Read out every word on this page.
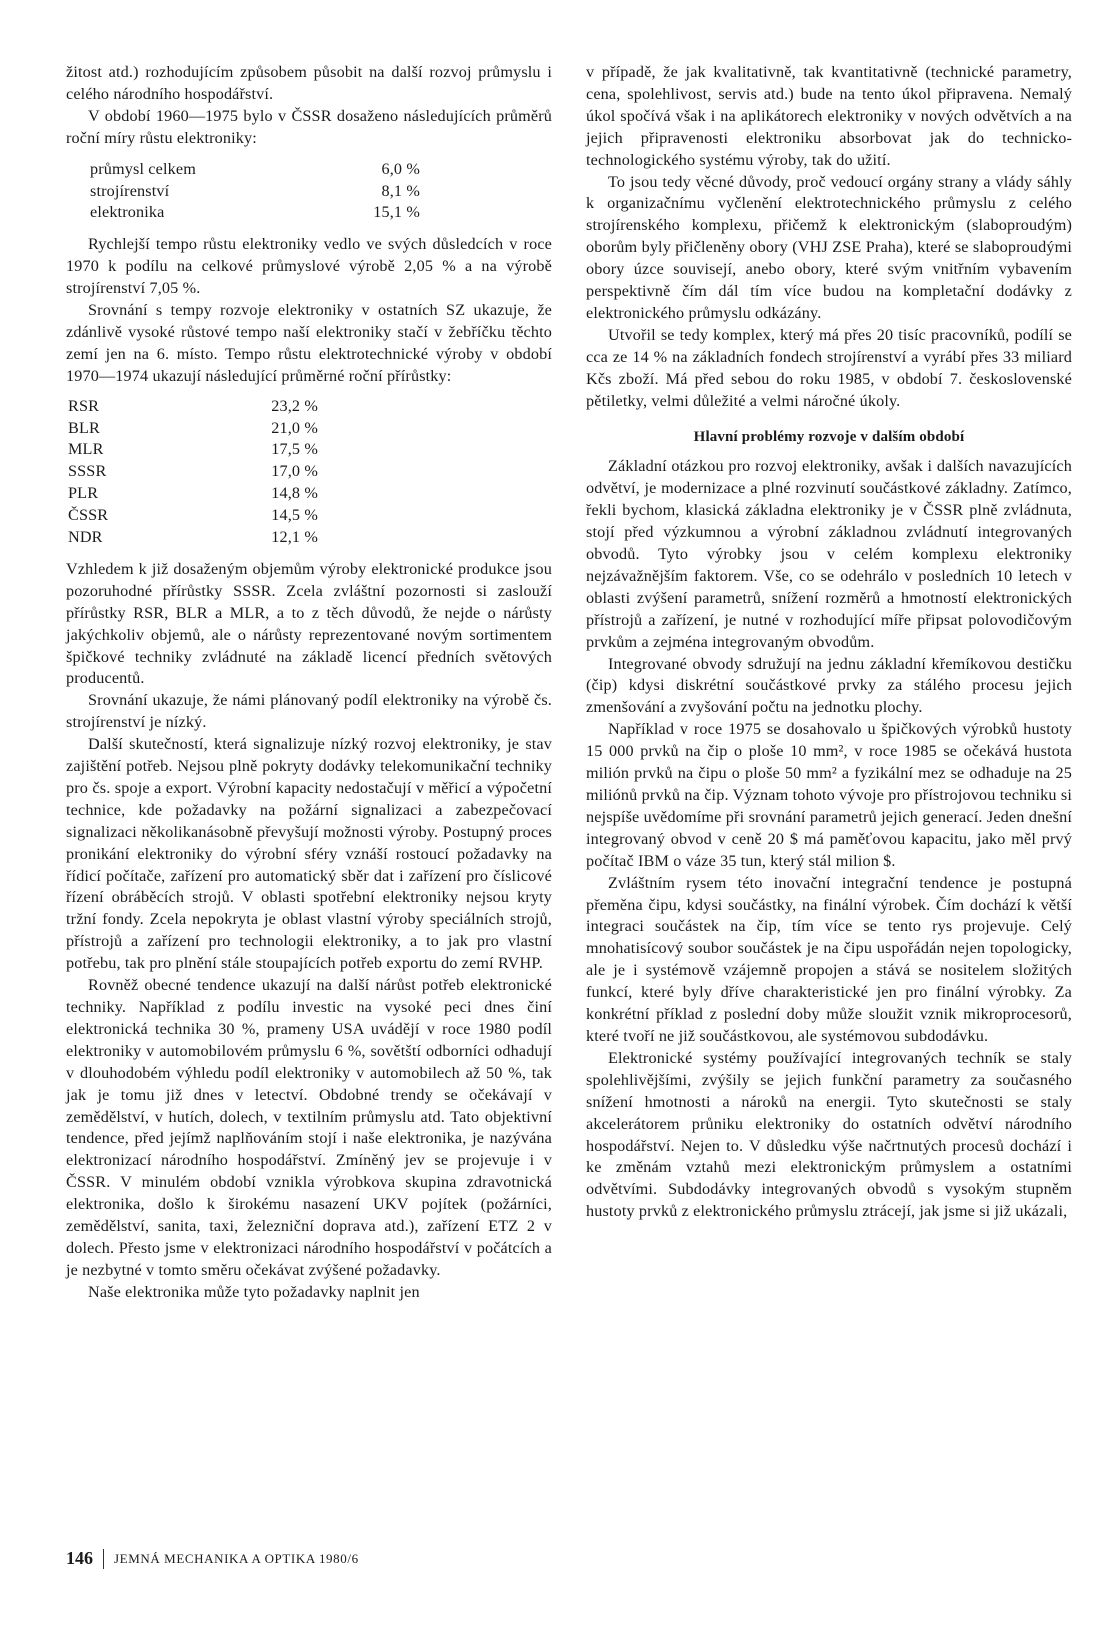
žitost atd.) rozhodujícím způsobem působit na další rozvoj průmyslu i celého národního hospodářství.

V období 1960—1975 bylo v ČSSR dosaženo následujících průměrů roční míry růstu elektroniky:

průmysl celkem	6,0 %
strojírenství	8,1 %
elektronika	15,1 %

Rychlejší tempo růstu elektroniky vedlo ve svých důsledcích v roce 1970 k podílu na celkové průmyslové výrobě 2,05 % a na výrobě strojírenství 7,05 %.

Srovnání s tempy rozvoje elektroniky v ostatních SZ ukazuje, že zdánlivě vysoké růstové tempo naší elektroniky stačí v žebříčku těchto zemí jen na 6. místo. Tempo růstu elektrotechnické výroby v období 1970—1974 ukazují následující průměrné roční přírůstky:

RSR	23,2 %
BLR	21,0 %
MLR	17,5 %
SSSR	17,0 %
PLR	14,8 %
ČSSR	14,5 %
NDR	12,1 %

Vzhledem k již dosaženým objemům výroby elektronické produkce jsou pozoruhodné přírůstky SSSR. Zcela zvláštní pozornosti si zaslouží přírůstky RSR, BLR a MLR, a to z těch důvodů, že nejde o nárůsty jakýchkoliv objemů, ale o nárůsty reprezentované novým sortimentem špičkové techniky zvládnuté na základě licencí předních světových producentů.

Srovnání ukazuje, že námi plánovaný podíl elektroniky na výrobě čs. strojírenství je nízký.

Další skutečností, která signalizuje nízký rozvoj elektroniky, je stav zajištění potřeb. Nejsou plně pokryty dodávky telekomunikační techniky pro čs. spoje a export. Výrobní kapacity nedostačují v měřicí a výpočetní technice, kde požadavky na požární signalizaci a zabezpečovací signalizaci několikanásobně převyšují možnosti výroby. Postupný proces pronikání elektroniky do výrobní sféry vznáší rostoucí požadavky na řídicí počítače, zařízení pro automatický sběr dat i zařízení pro číslicové řízení obráběcích strojů. V oblasti spotřební elektroniky nejsou kryty tržní fondy. Zcela nepokryta je oblast vlastní výroby speciálních strojů, přístrojů a zařízení pro technologii elektroniky, a to jak pro vlastní potřebu, tak pro plnění stále stoupajících potřeb exportu do zemí RVHP.

Rovněž obecné tendence ukazují na další nárůst potřeb elektronické techniky. Například z podílu investic na vysoké peci dnes činí elektronická technika 30 %, prameny USA uvádějí v roce 1980 podíl elektroniky v automobilovém průmyslu 6 %, sovětští odborníci odhadují v dlouhodobém výhledu podíl elektroniky v automobilech až 50 %, tak jak je tomu již dnes v letectví. Obdobné trendy se očekávají v zemědělství, v hutích, dolech, v textilním průmyslu atd. Tato objektivní tendence, před jejímž naplňováním stojí i naše elektronika, je nazývána elektronizací národního hospodářství. Zmíněný jev se projevuje i v ČSSR. V minulém období vznikla výrobkova skupina zdravotnická elektronika, došlo k širokému nasazení UKV pojítek (požárníci, zemědělství, sanita, taxi, železniční doprava atd.), zařízení ETZ 2 v dolech. Přesto jsme v elektronizaci národního hospodářství v počátcích a je nezbytné v tomto směru očekávat zvýšené požadavky.

Naše elektronika může tyto požadavky naplnit jen

v případě, že jak kvalitativně, tak kvantitativně (technické parametry, cena, spolehlivost, servis atd.) bude na tento úkol připravena. Nemalý úkol spočívá však i na aplikátorech elektroniky v nových odvětvích a na jejich připravenosti elektroniku absorbovat jak do technicko-technologického systému výroby, tak do užití.

To jsou tedy věcné důvody, proč vedoucí orgány strany a vlády sáhly k organizačnímu vyčlenění elektrotechnického průmyslu z celého strojírenského komplexu, přičemž k elektronickým (slaboproudým) oborům byly přičleněny obory (VHJ ZSE Praha), které se slaboproudými obory úzce souvisejí, anebo obory, které svým vnitřním vybavením perspektivně čím dál tím více budou na kompletační dodávky z elektronického průmyslu odkázány.

Utvořil se tedy komplex, který má přes 20 tisíc pracovníků, podílí se cca ze 14 % na základních fondech strojírenství a vyrábí přes 33 miliard Kčs zboží. Má před sebou do roku 1985, v období 7. československé pětiletky, velmi důležité a velmi náročné úkoly.

Hlavní problémy rozvoje v dalším období

Základní otázkou pro rozvoj elektroniky, avšak i dalších navazujících odvětví, je modernizace a plné rozvinutí součástkové základny. Zatímco, řekli bychom, klasická základna elektroniky je v ČSSR plně zvládnuta, stojí před výzkumnou a výrobní základnou zvládnutí integrovaných obvodů. Tyto výrobky jsou v celém komplexu elektroniky nejzávažnějším faktorem. Vše, co se odehrálo v posledních 10 letech v oblasti zvýšení parametrů, snížení rozměrů a hmotností elektronických přístrojů a zařízení, je nutné v rozhodující míře připsat polovodičovým prvkům a zejména integrovaným obvodům.

Integrované obvody sdružují na jednu základní křemíkovou destičku (čip) kdysi diskrétní součástkové prvky za stálého procesu jejich zmenšování a zvyšování počtu na jednotku plochy.

Například v roce 1975 se dosahovalo u špičkových výrobků hustoty 15 000 prvků na čip o ploše 10 mm², v roce 1985 se očekává hustota milión prvků na čipu o ploše 50 mm² a fyzikální mez se odhaduje na 25 miliónů prvků na čip. Význam tohoto vývoje pro přístrojovou techniku si nejspíše uvědomíme při srovnání parametrů jejich generací. Jeden dnešní integrovaný obvod v ceně 20 $ má paměťovou kapacitu, jako měl prvý počítač IBM o váze 35 tun, který stál milion $.

Zvláštním rysem této inovační integrační tendence je postupná přeměna čipu, kdysi součástky, na finální výrobek. Čím dochází k větší integraci součástek na čip, tím více se tento rys projevuje. Celý mnohatisícový soubor součástek je na čipu uspořádán nejen topologicky, ale je i systémově vzájemně propojen a stává se nositelem složitých funkcí, které byly dříve charakteristické jen pro finální výrobky. Za konkrétní příklad z poslední doby může sloužit vznik mikroprocesorů, které tvoří ne již součástkovou, ale systémovou subdodávku.

Elektronické systémy používající integrovaných techník se staly spolehlivějšími, zvýšily se jejich funkční parametry za současného snížení hmotnosti a nároků na energii. Tyto skutečnosti se staly akcelerátorem průniku elektroniky do ostatních odvětví národního hospodářství. Nejen to. V důsledku výše načrtnutých procesů dochází i ke změnám vztahů mezi elektronickým průmyslem a ostatními odvětvími. Subdodávky integrovaných obvodů s vysokým stupněm hustoty prvků z elektronického průmyslu ztrácejí, jak jsme si již ukázali,

146 JEMNÁ MECHANIKA A OPTIKA 1980/6
